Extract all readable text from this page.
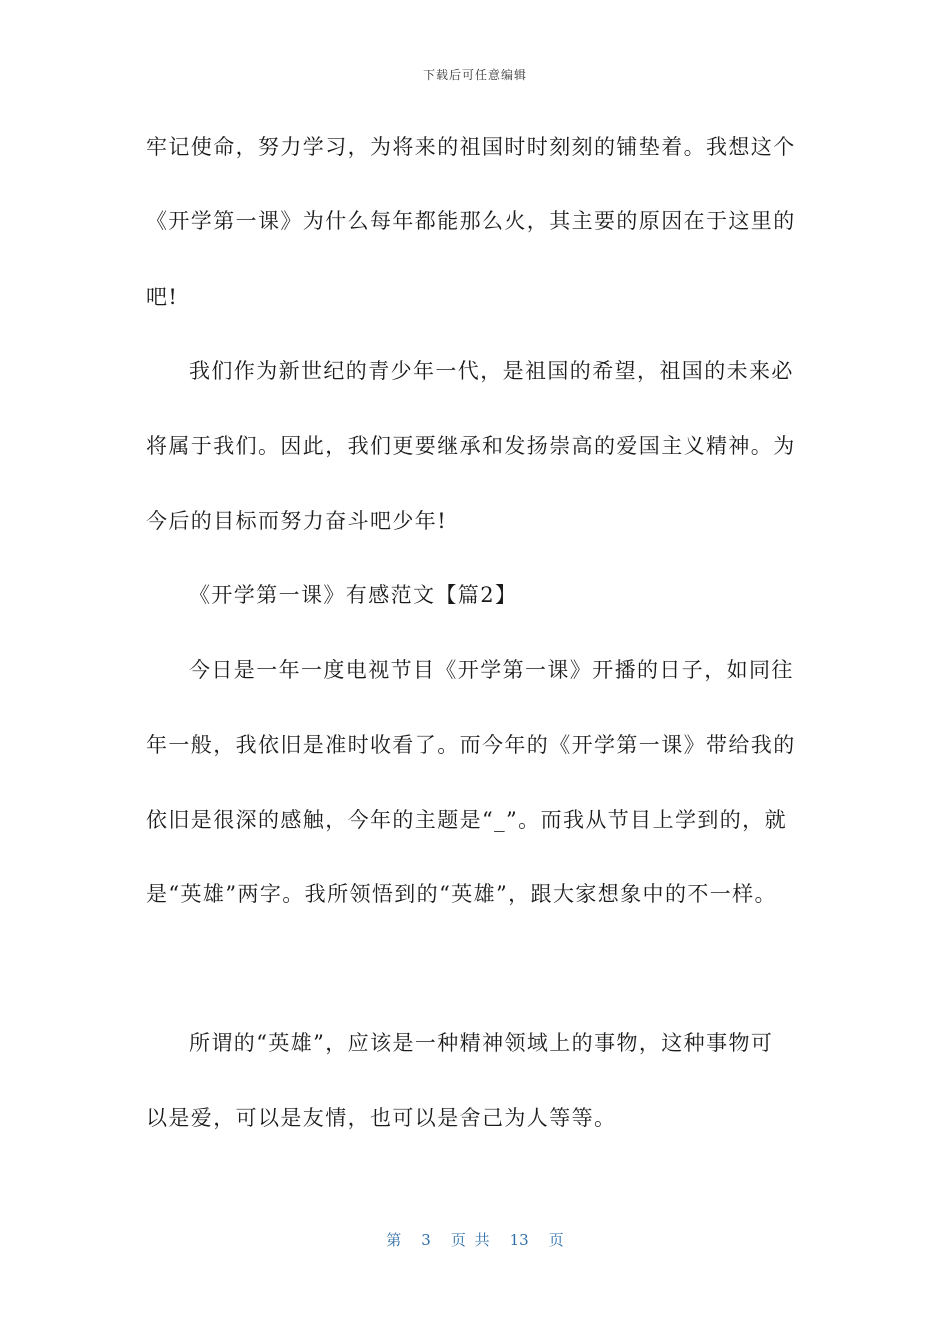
下载后可任意编辑
牢记使命，努力学习，为将来的祖国时时刻刻的铺垫着。我想这个
《开学第一课》为什么每年都能那么火，其主要的原因在于这里的
吧!
我们作为新世纪的青少年一代，是祖国的希望，祖国的未来必
将属于我们。因此，我们更要继承和发扬崇高的爱国主义精神。为
今后的目标而努力奋斗吧少年!
《开学第一课》有感范文【篇2】
今日是一年一度电视节目《开学第一课》开播的日子，如同往
年一般，我依旧是准时收看了。而今年的《开学第一课》带给我的
依旧是很深的感触，今年的主题是“_”。而我从节目上学到的，就
是“英雄”两字。我所领悟到的“英雄”，跟大家想象中的不一样。
所谓的“英雄”，应该是一种精神领域上的事物，这种事物可
以是爱，可以是友情，也可以是舍己为人等等。
第 3 页 共 13 页
